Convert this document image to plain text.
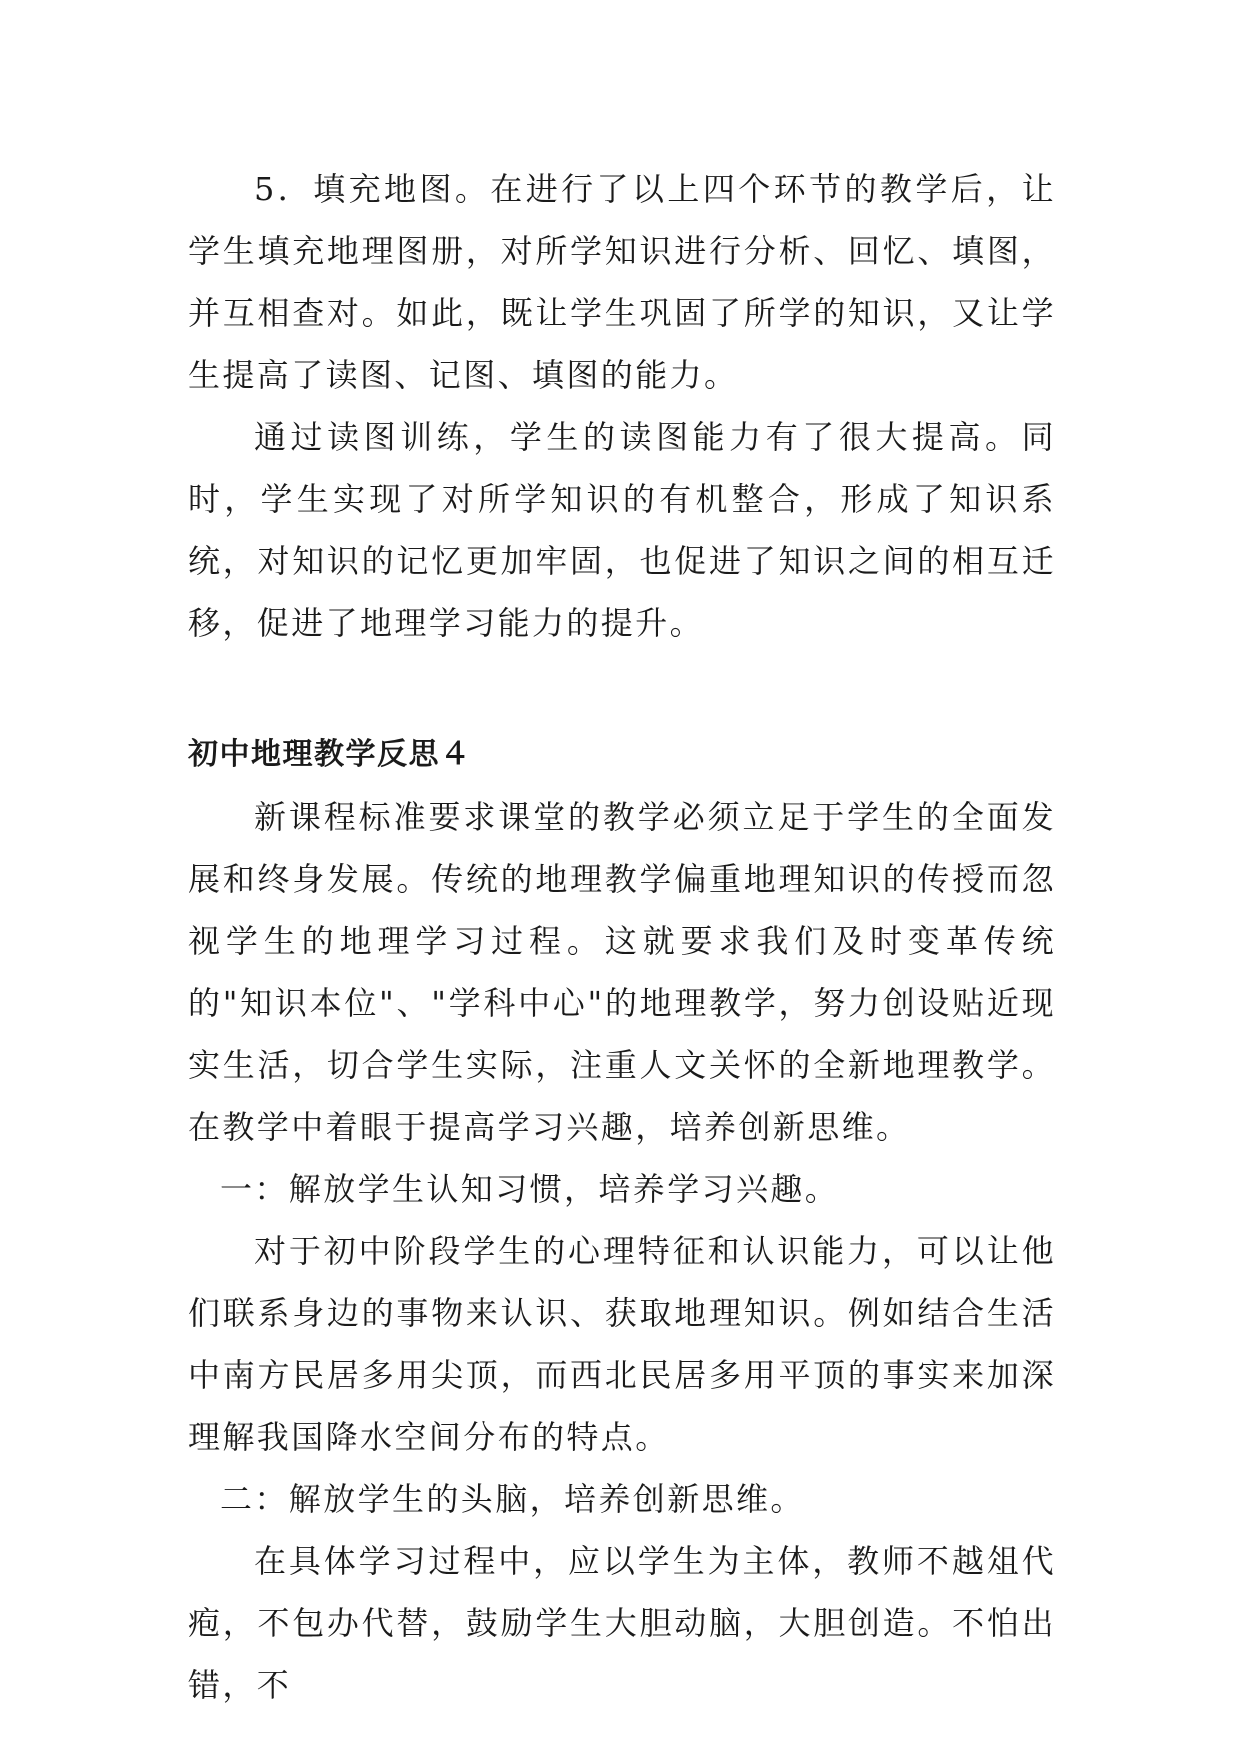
5．填充地图。在进行了以上四个环节的教学后，让学生填充地理图册，对所学知识进行分析、回忆、填图，并互相查对。如此，既让学生巩固了所学的知识，又让学生提高了读图、记图、填图的能力。

通过读图训练，学生的读图能力有了很大提高。同时，学生实现了对所学知识的有机整合，形成了知识系统，对知识的记忆更加牢固，也促进了知识之间的相互迁移，促进了地理学习能力的提升。

初中地理教学反思４

新课程标准要求课堂的教学必须立足于学生的全面发展和终身发展。传统的地理教学偏重地理知识的传授而忽视学生的地理学习过程。这就要求我们及时变革传统的"知识本位"、"学科中心"的地理教学，努力创设贴近现实生活，切合学生实际，注重人文关怀的全新地理教学。在教学中着眼于提高学习兴趣，培养创新思维。

一：解放学生认知习惯，培养学习兴趣。

对于初中阶段学生的心理特征和认识能力，可以让他们联系身边的事物来认识、获取地理知识。例如结合生活中南方民居多用尖顶，而西北民居多用平顶的事实来加深理解我国降水空间分布的特点。

二：解放学生的头脑，培养创新思维。

在具体学习过程中，应以学生为主体，教师不越俎代疱，不包办代替，鼓励学生大胆动脑，大胆创造。不怕出错，不
